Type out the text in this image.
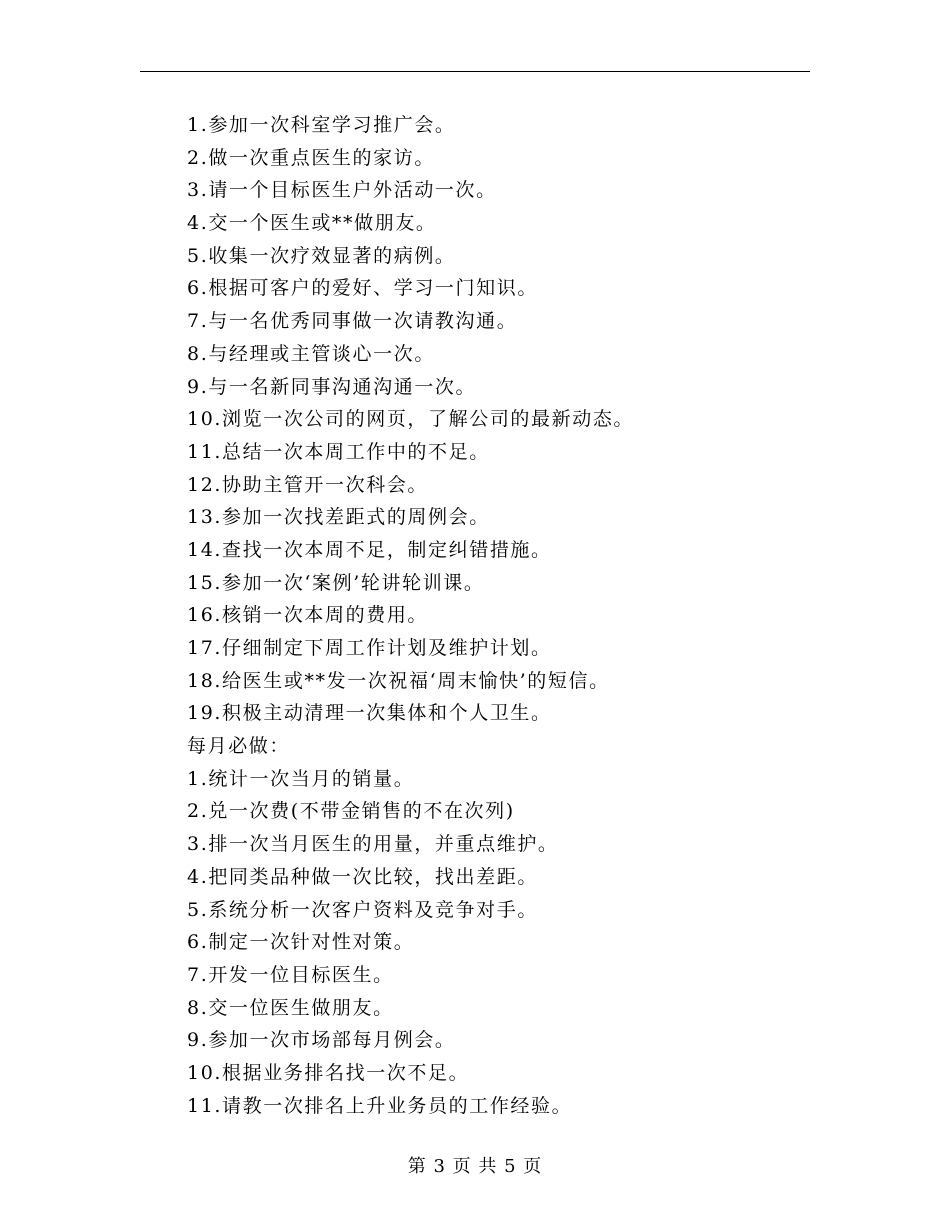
1.参加一次科室学习推广会。
2.做一次重点医生的家访。
3.请一个目标医生户外活动一次。
4.交一个医生或**做朋友。
5.收集一次疗效显著的病例。
6.根据可客户的爱好、学习一门知识。
7.与一名优秀同事做一次请教沟通。
8.与经理或主管谈心一次。
9.与一名新同事沟通沟通一次。
10.浏览一次公司的网页，了解公司的最新动态。
11.总结一次本周工作中的不足。
12.协助主管开一次科会。
13.参加一次找差距式的周例会。
14.查找一次本周不足，制定纠错措施。
15.参加一次‘案例’轮讲轮训课。
16.核销一次本周的费用。
17.仔细制定下周工作计划及维护计划。
18.给医生或**发一次祝福‘周末愉快’的短信。
19.积极主动清理一次集体和个人卫生。
每月必做：
1.统计一次当月的销量。
2.兑一次费(不带金销售的不在次列)
3.排一次当月医生的用量，并重点维护。
4.把同类品种做一次比较，找出差距。
5.系统分析一次客户资料及竞争对手。
6.制定一次针对性对策。
7.开发一位目标医生。
8.交一位医生做朋友。
9.参加一次市场部每月例会。
10.根据业务排名找一次不足。
11.请教一次排名上升业务员的工作经验。
第 3 页 共 5 页
